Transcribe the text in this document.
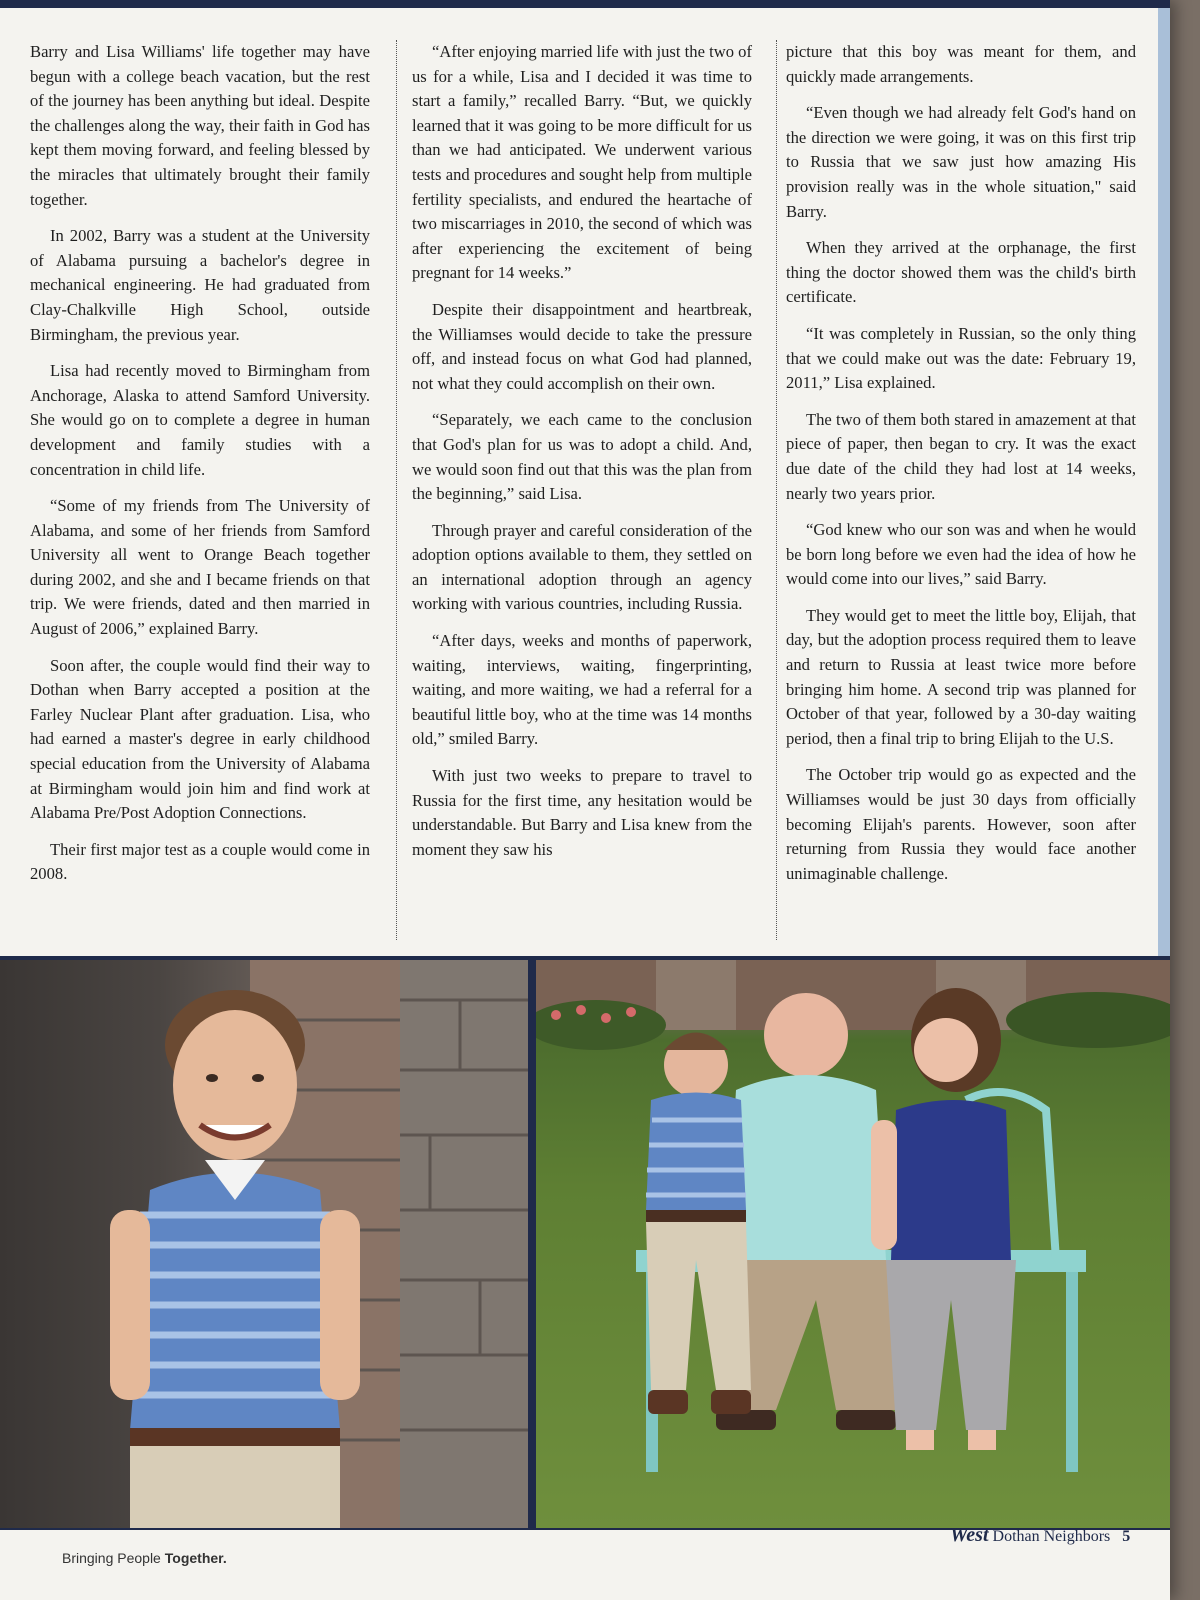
Barry and Lisa Williams' life together may have begun with a college beach vacation, but the rest of the journey has been anything but ideal. Despite the challenges along the way, their faith in God has kept them moving forward, and feeling blessed by the miracles that ultimately brought their family together.

In 2002, Barry was a student at the University of Alabama pursuing a bachelor's degree in mechanical engineering. He had graduated from Clay-Chalkville High School, outside Birmingham, the previous year.

Lisa had recently moved to Birmingham from Anchorage, Alaska to attend Samford University. She would go on to complete a degree in human development and family studies with a concentration in child life.

“Some of my friends from The University of Alabama, and some of her friends from Samford University all went to Orange Beach together during 2002, and she and I became friends on that trip. We were friends, dated and then married in August of 2006,” explained Barry.

Soon after, the couple would find their way to Dothan when Barry accepted a position at the Farley Nuclear Plant after graduation. Lisa, who had earned a master's degree in early childhood special education from the University of Alabama at Birmingham would join him and find work at Alabama Pre/Post Adoption Connections.

Their first major test as a couple would come in 2008.

“After enjoying married life with just the two of us for a while, Lisa and I decided it was time to start a family,” recalled Barry. “But, we quickly learned that it was going to be more difficult for us than we had anticipated. We underwent various tests and procedures and sought help from multiple fertility specialists, and endured the heartache of two miscarriages in 2010, the second of which was after experiencing the excitement of being pregnant for 14 weeks.”

Despite their disappointment and heartbreak, the Williamses would decide to take the pressure off, and instead focus on what God had planned, not what they could accomplish on their own.

“Separately, we each came to the conclusion that God's plan for us was to adopt a child. And, we would soon find out that this was the plan from the beginning,” said Lisa.

Through prayer and careful consideration of the adoption options available to them, they settled on an international adoption through an agency working with various countries, including Russia.

“After days, weeks and months of paperwork, waiting, interviews, waiting, fingerprinting, waiting, and more waiting, we had a referral for a beautiful little boy, who at the time was 14 months old,” smiled Barry.

With just two weeks to prepare to travel to Russia for the first time, any hesitation would be understandable. But Barry and Lisa knew from the moment they saw his

picture that this boy was meant for them, and quickly made arrangements.

“Even though we had already felt God's hand on the direction we were going, it was on this first trip to Russia that we saw just how amazing His provision really was in the whole situation," said Barry.

When they arrived at the orphanage, the first thing the doctor showed them was the child's birth certificate.

“It was completely in Russian, so the only thing that we could make out was the date: February 19, 2011,” Lisa explained.

The two of them both stared in amazement at that piece of paper, then began to cry. It was the exact due date of the child they had lost at 14 weeks, nearly two years prior.

“God knew who our son was and when he would be born long before we even had the idea of how he would come into our lives,” said Barry.

They would get to meet the little boy, Elijah, that day, but the adoption process required them to leave and return to Russia at least twice more before bringing him home. A second trip was planned for October of that year, followed by a 30-day waiting period, then a final trip to bring Elijah to the U.S.

The October trip would go as expected and the Williamses would be just 30 days from officially becoming Elijah's parents. However, soon after returning from Russia they would face another unimaginable challenge.

Bringing People Together.
West Dothan Neighbors 5
